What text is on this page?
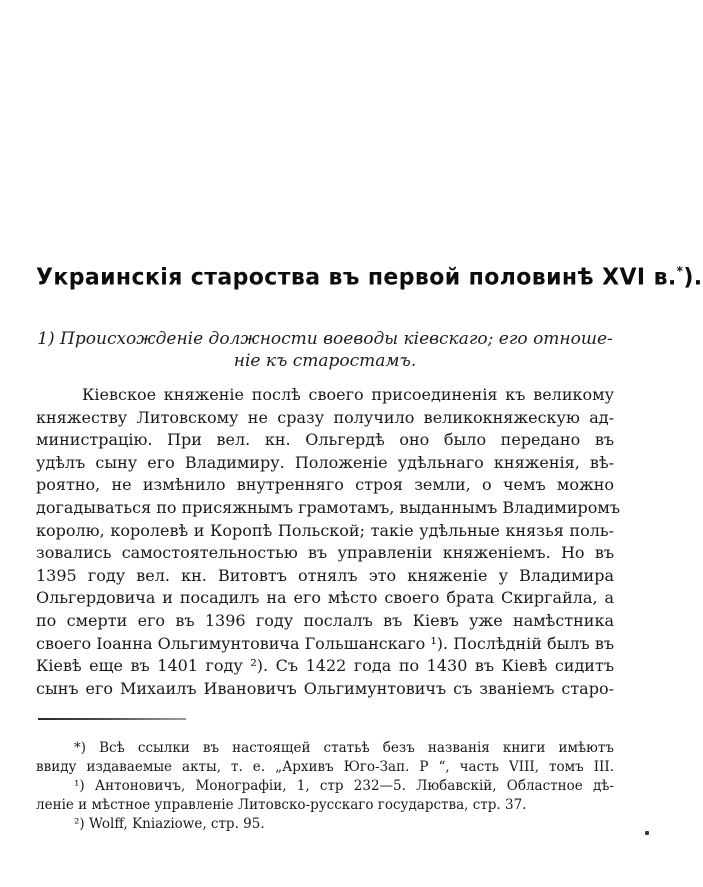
Украинскія староства въ первой половинѣ XVI в.*).
1) Происхожденіе должности воеводы кіевскаго; его отноше-
ніе къ старостамъ.
Кіевское княженіе послѣ своего присоединенія къ великому
княжеству Литовскому не сразу получило великокняжескую ад-
министрацію. При вел. кн. Ольгердѣ оно было передано въ
удѣлъ сыну его Владимиру. Положеніе удѣльнаго княженія, вѣ-
роятно, не измѣнило внутренняго строя земли, о чемъ можно
догадываться по присяжнымъ грамотамъ, выданнымъ Владимиромъ
королю, королевѣ и Коропѣ Польской; такіе удѣльные князья поль-
зовались самостоятельностью въ управленіи княженіемъ. Но въ
1395 году вел. кн. Витовтъ отнялъ это княженіе у Владимира
Ольгердовича и посадилъ на его мѣсто своего брата Скиргайла, а
по смерти его въ 1396 году послалъ въ Кіевъ уже намѣстника
своего Іоанна Ольгимунтовича Гольшанскаго ¹). Послѣдній былъ въ
Кіевѣ еще въ 1401 году ²). Съ 1422 года по 1430 въ Кіевѣ сидитъ
сынъ его Михаилъ Ивановичъ Ольгимунтовичъ съ званіемъ старо-
*) Всѣ ссылки въ настоящей статьѣ безъ названія книги имѣютъ
ввиду издаваемые акты, т. е. „Архивъ Юго-Зап. Р “, часть VIII, томъ III.
¹) Антоновичъ, Монографіи, 1, стр 232—5. Любавскій, Областное дѣ-
леніе и мѣстное управленіе Литовско-русскаго государства, стр. 37.
²) Wolff, Kniaziowe, стр. 95.
